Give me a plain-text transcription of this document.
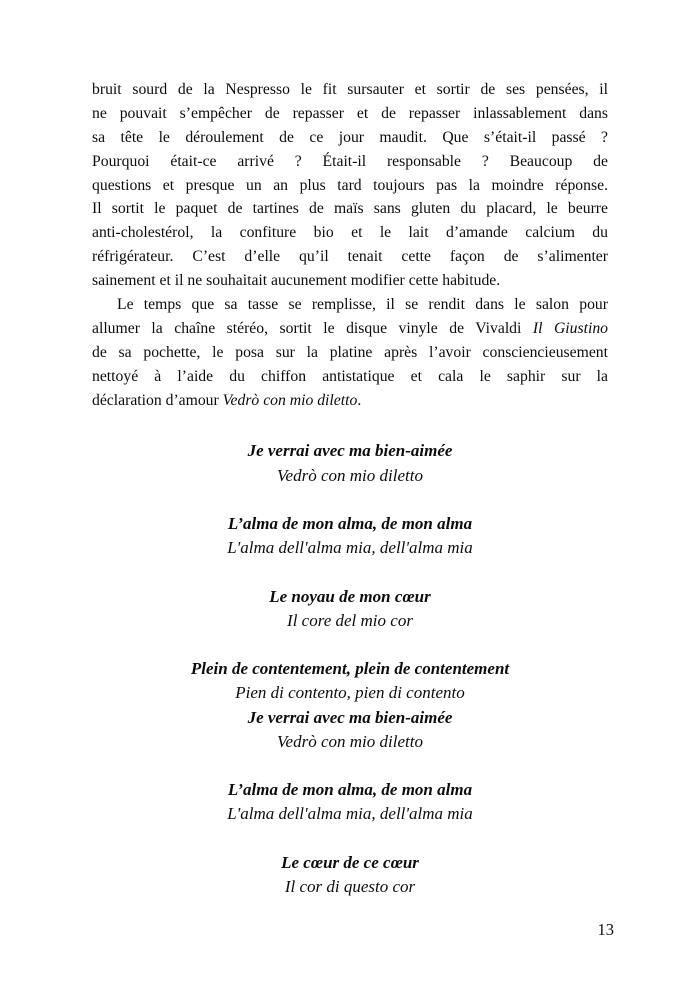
bruit sourd de la Nespresso le fit sursauter et sortir de ses pensées, il
ne pouvait s’empêcher de repasser et de repasser inlassablement dans
sa tête le déroulement de ce jour maudit. Que s’était-il passé ?
Pourquoi était-ce arrivé ? Était-il responsable ? Beaucoup de
questions et presque un an plus tard toujours pas la moindre réponse.
Il sortit le paquet de tartines de maïs sans gluten du placard, le beurre
anti-cholestérol, la confiture bio et le lait d’amande calcium du
réfrigérateur. C’est d’elle qu’il tenait cette façon de s’alimenter
sainement et il ne souhaitait aucunement modifier cette habitude.
Le temps que sa tasse se remplisse, il se rendit dans le salon pour
allumer la chaîne stéréo, sortit le disque vinyle de Vivaldi Il Giustino
de sa pochette, le posa sur la platine après l’avoir consciencieusement
nettoyé à l’aide du chiffon antistatique et cala le saphir sur la
déclaration d’amour Vedrò con mio diletto.
Je verrai avec ma bien-aimée
Vedrò con mio diletto
L’alma de mon alma, de mon alma
L'alma dell'alma mia, dell'alma mia
Le noyau de mon cœur
Il core del mio cor
Plein de contentement, plein de contentement
Pien di contento, pien di contento
Je verrai avec ma bien-aimée
Vedrò con mio diletto
L’alma de mon alma, de mon alma
L'alma dell'alma mia, dell'alma mia
Le cœur de ce cœur
Il cor di questo cor
13
